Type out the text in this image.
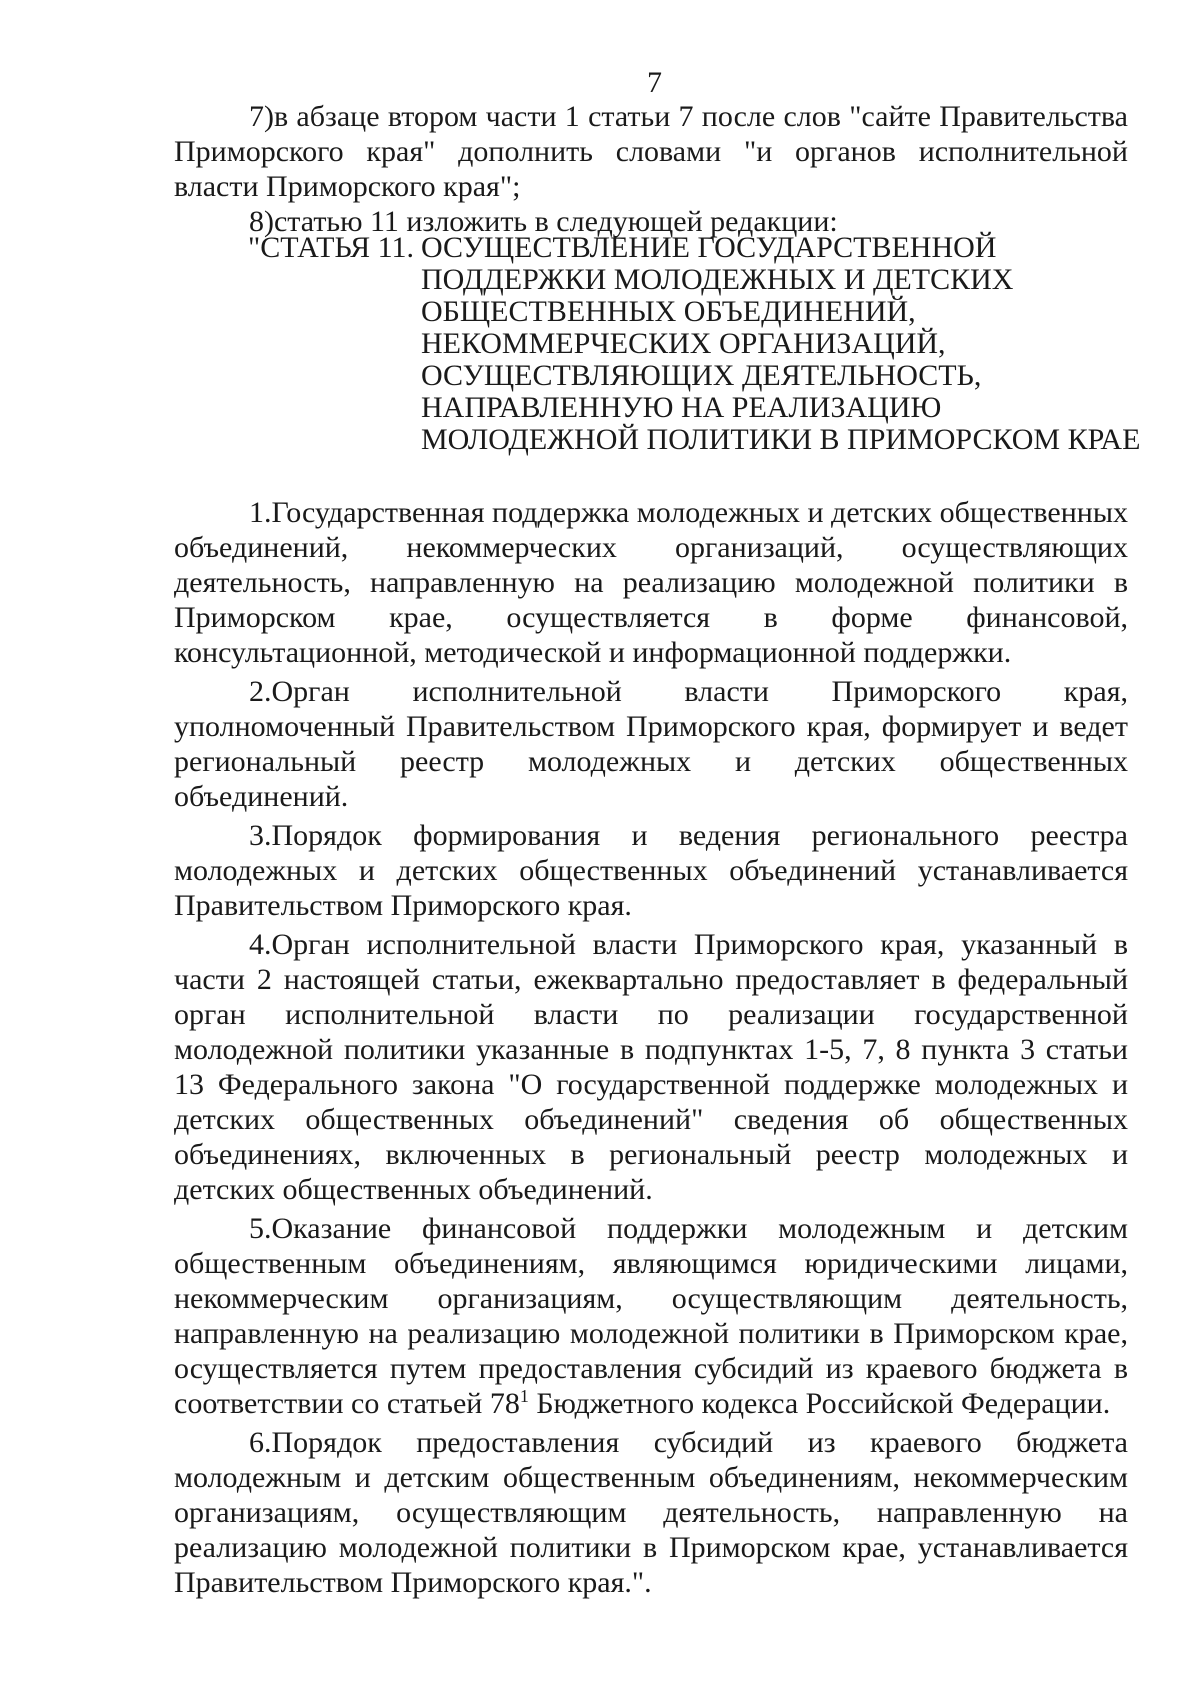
7

7)в абзаце втором части 1 статьи 7 после слов "сайте Правительства Приморского края" дополнить словами "и органов исполнительной власти Приморского края";

8)статью 11 изложить в следующей редакции:

"СТАТЬЯ 11. ОСУЩЕСТВЛЕНИЕ ГОСУДАРСТВЕННОЙ
ПОДДЕРЖКИ МОЛОДЕЖНЫХ И ДЕТСКИХ
ОБЩЕСТВЕННЫХ ОБЪЕДИНЕНИЙ,
НЕКОММЕРЧЕСКИХ ОРГАНИЗАЦИЙ,
ОСУЩЕСТВЛЯЮЩИХ ДЕЯТЕЛЬНОСТЬ,
НАПРАВЛЕННУЮ НА РЕАЛИЗАЦИЮ
МОЛОДЕЖНОЙ ПОЛИТИКИ В ПРИМОРСКОМ КРАЕ

1.Государственная поддержка молодежных и детских общественных объединений, некоммерческих организаций, осуществляющих деятельность, направленную на реализацию молодежной политики в Приморском крае, осуществляется в форме финансовой, консультационной, методической и информационной поддержки.

2.Орган исполнительной власти Приморского края, уполномоченный Правительством Приморского края, формирует и ведет региональный реестр молодежных и детских общественных объединений.

3.Порядок формирования и ведения регионального реестра молодежных и детских общественных объединений устанавливается Правительством Приморского края.

4.Орган исполнительной власти Приморского края, указанный в части 2 настоящей статьи, ежеквартально предоставляет в федеральный орган исполнительной власти по реализации государственной молодежной политики указанные в подпунктах 1-5, 7, 8 пункта 3 статьи 13 Федерального закона "О государственной поддержке молодежных и детских общественных объединений" сведения об общественных объединениях, включенных в региональный реестр молодежных и детских общественных объединений.

5.Оказание финансовой поддержки молодежным и детским общественным объединениям, являющимся юридическими лицами, некоммерческим организациям, осуществляющим деятельность, направленную на реализацию молодежной политики в Приморском крае, осуществляется путем предоставления субсидий из краевого бюджета в соответствии со статьей $78^1$ Бюджетного кодекса Российской Федерации.

6.Порядок предоставления субсидий из краевого бюджета молодежным и детским общественным объединениям, некоммерческим организациям, осуществляющим деятельность, направленную на реализацию молодежной политики в Приморском крае, устанавливается Правительством Приморского края.".
